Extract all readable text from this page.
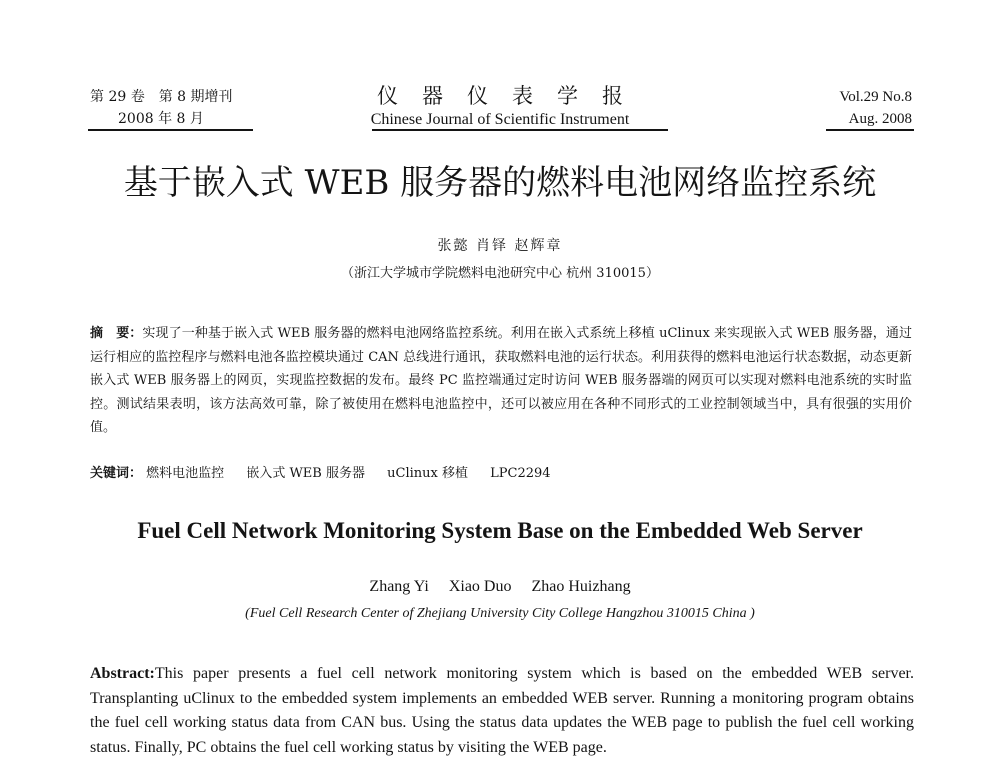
第 29 卷　第 8 期增刊
2008 年 8 月
仪器仪表学报
Chinese Journal of Scientific Instrument
Vol.29 No.8
Aug. 2008
基于嵌入式 WEB 服务器的燃料电池网络监控系统
张懿 肖铎 赵辉章
（浙江大学城市学院燃料电池研究中心 杭州 310015）
摘　要：实现了一种基于嵌入式 WEB 服务器的燃料电池网络监控系统。利用在嵌入式系统上移植 uClinux 来实现嵌入式 WEB 服务器，通过运行相应的监控程序与燃料电池各监控模块通过 CAN 总线进行通讯，获取燃料电池的运行状态。利用获得的燃料电池运行状态数据，动态更新嵌入式 WEB 服务器上的网页，实现监控数据的发布。最终 PC 监控端通过定时访问 WEB 服务器端的网页可以实现对燃料电池系统的实时监控。测试结果表明，该方法高效可靠，除了被使用在燃料电池监控中，还可以被应用在各种不同形式的工业控制领域当中，具有很强的实用价值。
关键词： 燃料电池监控 嵌入式 WEB 服务器 uClinux 移植 LPC2294
Fuel Cell Network Monitoring System Base on the Embedded Web Server
Zhang Yi Xiao Duo Zhao Huizhang
(Fuel Cell Research Center of Zhejiang University City College Hangzhou 310015 China )
Abstract:This paper presents a fuel cell network monitoring system which is based on the embedded WEB server. Transplanting uClinux to the embedded system implements an embedded WEB server. Running a monitoring program obtains the fuel cell working status data from CAN bus. Using the status data updates the WEB page to publish the fuel cell working status. Finally, PC obtains the fuel cell working status by visiting the WEB page.
